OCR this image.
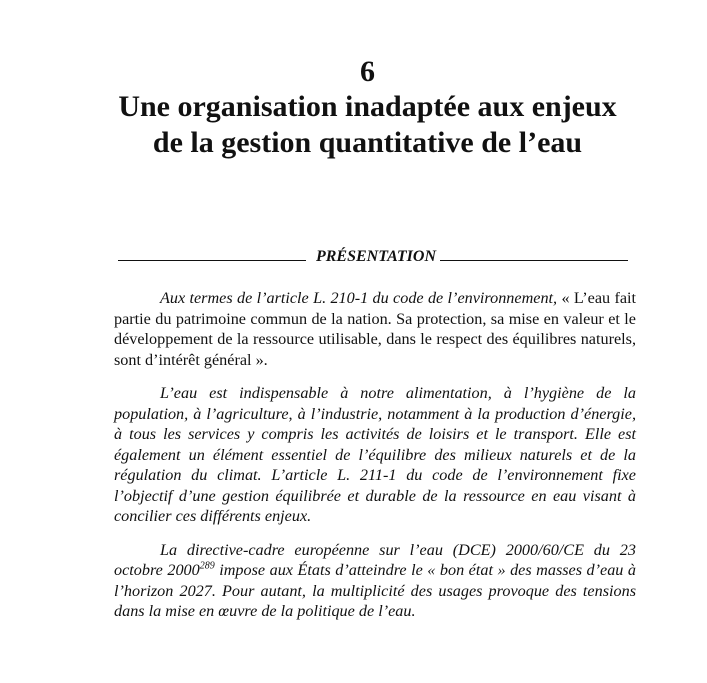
6
Une organisation inadaptée aux enjeux
de la gestion quantitative de l’eau
PRÉSENTATION

Aux termes de l’article L. 210-1 du code de l’environnement, « L’eau fait partie du patrimoine commun de la nation. Sa protection, sa mise en valeur et le développement de la ressource utilisable, dans le respect des équilibres naturels, sont d’intérêt général ».

L’eau est indispensable à notre alimentation, à l’hygiène de la population, à l’agriculture, à l’industrie, notamment à la production d’énergie, à tous les services y compris les activités de loisirs et le transport. Elle est également un élément essentiel de l’équilibre des milieux naturels et de la régulation du climat. L’article L. 211-1 du code de l’environnement fixe l’objectif d’une gestion équilibrée et durable de la ressource en eau visant à concilier ces différents enjeux.

La directive-cadre européenne sur l’eau (DCE) 2000/60/CE du 23 octobre 2000$^{289}$ impose aux États d’atteindre le « bon état » des masses d’eau à l’horizon 2027. Pour autant, la multiplicité des usages provoque des tensions dans la mise en œuvre de la politique de l’eau.
